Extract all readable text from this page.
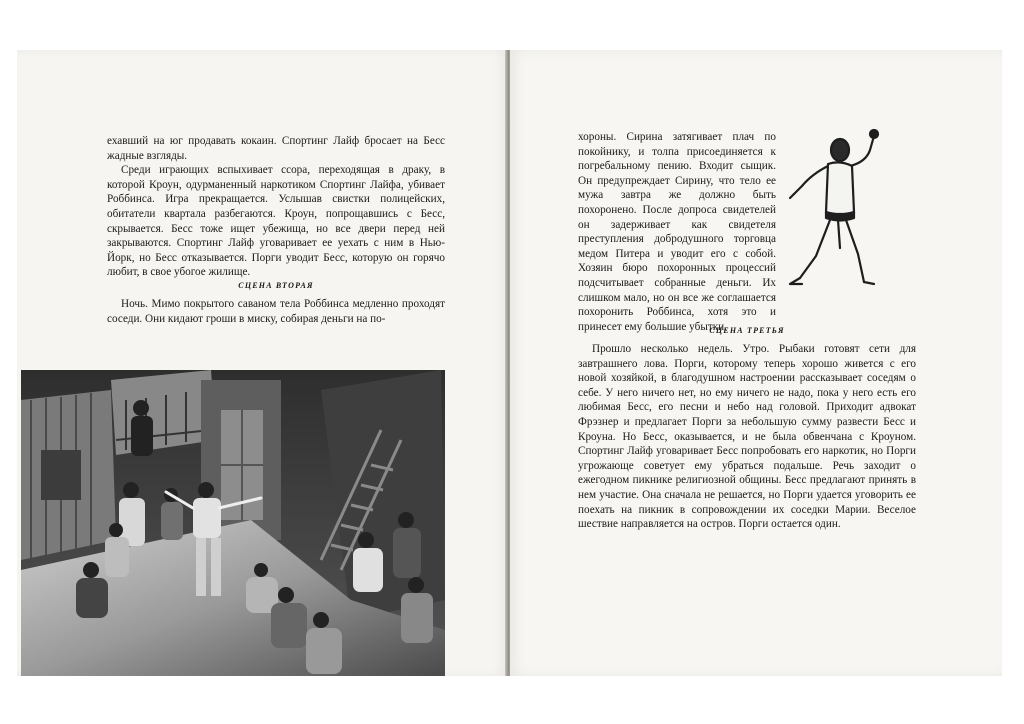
ехавший на юг продавать кокаин. Спортинг Лайф бросает на Бесс жадные взгляды.

Среди играющих вспыхивает ссора, переходящая в драку, в которой Кроун, одурманенный наркотиком Спортинг Лайфа, убивает Роббинса. Игра прекращается. Услышав свистки полицейских, обитатели квартала разбегаются. Кроун, попрощавшись с Бесс, скрывается. Бесс тоже ищет убежища, но все двери перед ней закрываются. Спортинг Лайф уговаривает ее уехать с ним в Нью-Йорк, но Бесс отказывается. Порги уводит Бесс, которую он горячо любит, в свое убогое жилище.

СЦЕНА ВТОРАЯ

Ночь. Мимо покрытого саваном тела Роббинса медленно проходят соседи. Они кидают гроши в миску, собирая деньги на по-

хороны. Сирина затягивает плач по покойнику, и толпа присоединяется к погребальному пению. Входит сыщик. Он предупреждает Сирину, что тело ее мужа завтра же должно быть похоронено. После допроса свидетелей он задерживает как свидетеля преступления добродушного торговца медом Питера и уводит его с собой. Хозяин бюро похоронных процессий подсчитывает собранные деньги. Их слишком мало, но он все же соглашается похоронить Роббинса, хотя это и принесет ему большие убытки.

СЦЕНА ТРЕТЬЯ

Прошло несколько недель. Утро. Рыбаки готовят сети для завтрашнего лова. Порги, которому теперь хорошо живется с его новой хозяйкой, в благодушном настроении рассказывает соседям о себе. У него ничего нет, но ему ничего не надо, пока у него есть его любимая Бесс, его песни и небо над головой. Приходит адвокат Фрэзнер и предлагает Порги за небольшую сумму развести Бесс и Кроуна. Но Бесс, оказывается, и не была обвенчана с Кроуном. Спортинг Лайф уговаривает Бесс попробовать его наркотик, но Порги угрожающе советует ему убраться подальше. Речь заходит о ежегодном пикнике религиозной общины. Бесс предлагают принять в нем участие. Она сначала не решается, но Порги удается уговорить ее поехать на пикник в сопровождении их соседки Марии. Веселое шествие направляется на остров. Порги остается один.
